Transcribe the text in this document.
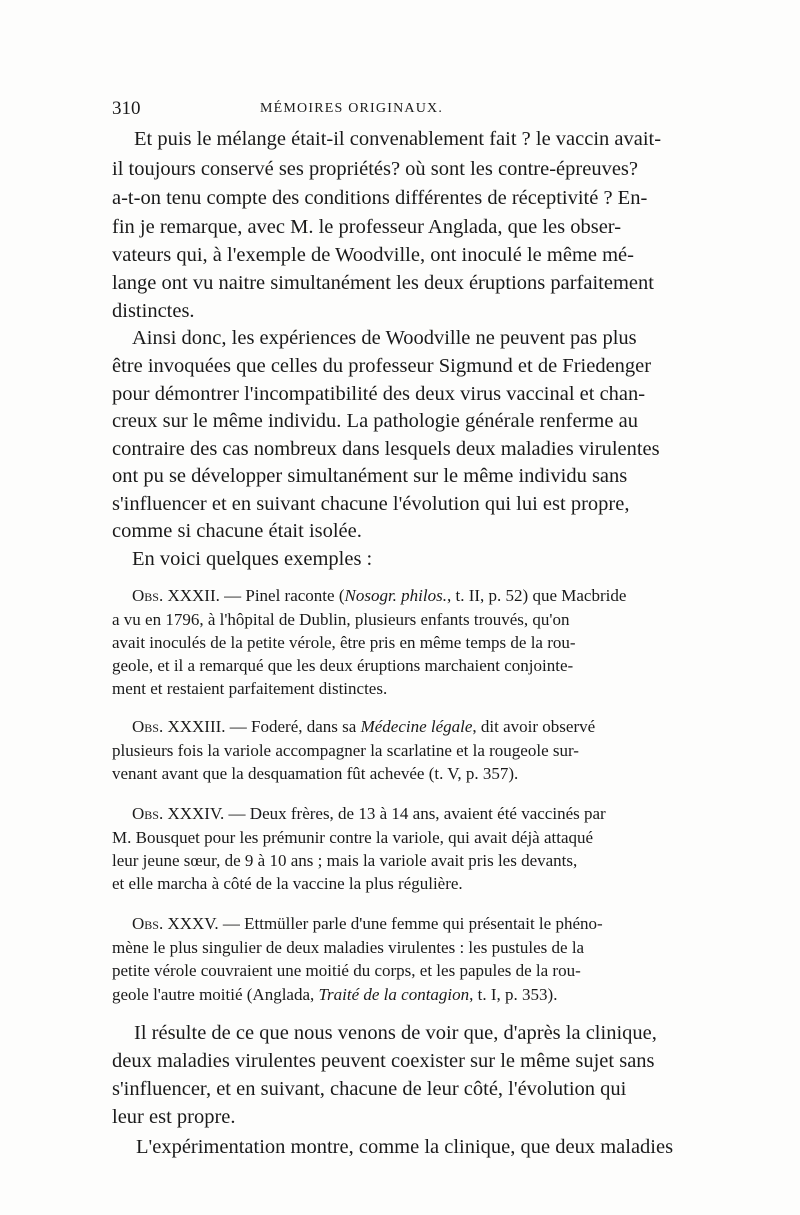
310	MÉMOIRES ORIGINAUX.
Et puis le mélange était-il convenablement fait ? le vaccin avait-
il toujours conservé ses propriétés? où sont les contre-épreuves?
a-t-on tenu compte des conditions différentes de réceptivité ? En-
fin je remarque, avec M. le professeur Anglada, que les obser-
vateurs qui, à l'exemple de Woodville, ont inoculé le même mé-
lange ont vu naitre simultanément les deux éruptions parfaitement
distinctes.
Ainsi donc, les expériences de Woodville ne peuvent pas plus
être invoquées que celles du professeur Sigmund et de Friedenger
pour démontrer l'incompatibilité des deux virus vaccinal et chan-
creux sur le même individu. La pathologie générale renferme au
contraire des cas nombreux dans lesquels deux maladies virulentes
ont pu se développer simultanément sur le même individu sans
s'influencer et en suivant chacune l'évolution qui lui est propre,
comme si chacune était isolée.
En voici quelques exemples :
Obs. XXXII. — Pinel raconte (Nosogr. philos., t. II, p. 52) que Macbride
a vu en 1796, à l'hôpital de Dublin, plusieurs enfants trouvés, qu'on
avait inoculés de la petite vérole, être pris en même temps de la rou-
geole, et il a remarqué que les deux éruptions marchaient conjointe-
ment et restaient parfaitement distinctes.
Obs. XXXIII. — Foderé, dans sa Médecine légale, dit avoir observé
plusieurs fois la variole accompagner la scarlatine et la rougeole sur-
venant avant que la desquamation fût achevée (t. V, p. 357).
Obs. XXXIV. — Deux frères, de 13 à 14 ans, avaient été vaccinés par
M. Bousquet pour les prémunir contre la variole, qui avait déjà attaqué
leur jeune sœur, de 9 à 10 ans ; mais la variole avait pris les devants,
et elle marcha à côté de la vaccine la plus régulière.
Obs. XXXV. — Ettmüller parle d'une femme qui présentait le phéno-
mène le plus singulier de deux maladies virulentes : les pustules de la
petite vérole couvraient une moitié du corps, et les papules de la rou-
geole l'autre moitié (Anglada, Traité de la contagion, t. I, p. 353).
Il résulte de ce que nous venons de voir que, d'après la clinique,
deux maladies virulentes peuvent coexister sur le même sujet sans
s'influencer, et en suivant, chacune de leur côté, l'évolution qui
leur est propre.
L'expérimentation montre, comme la clinique, que deux maladies
